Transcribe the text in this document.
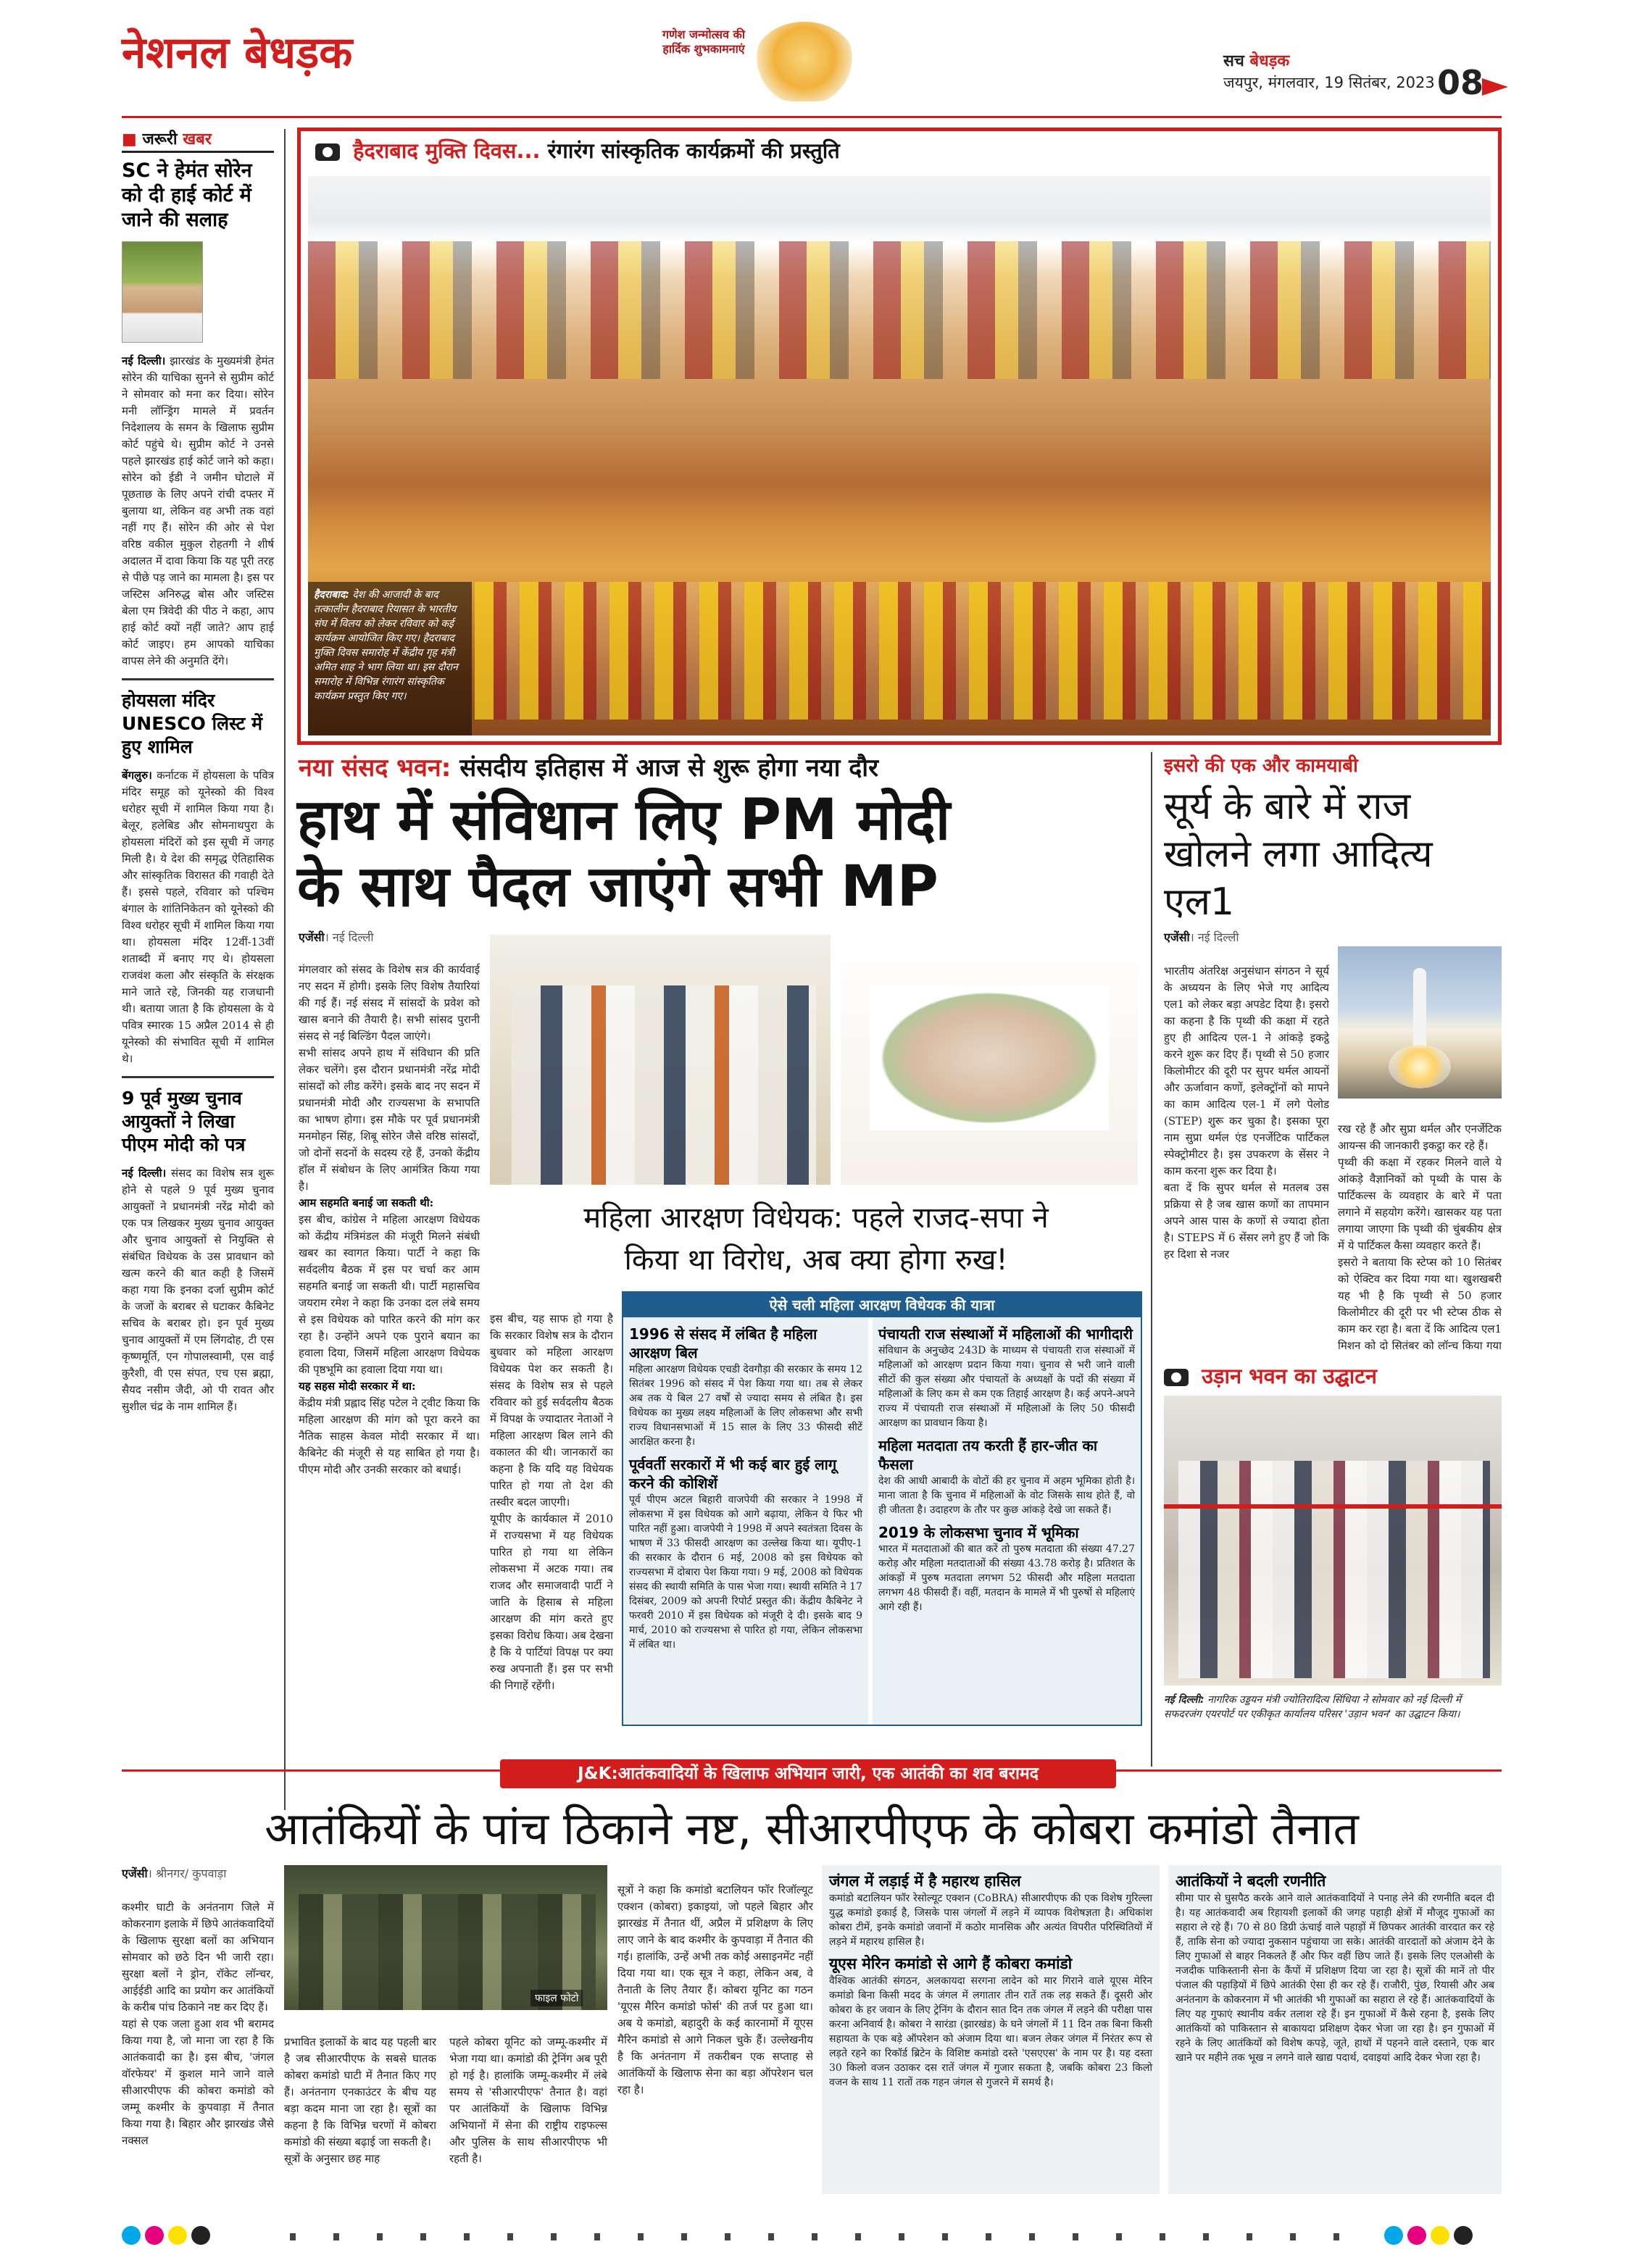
नेशनल बेधड़क	गणेश जन्मोत्सव की हार्दिक शुभकामनाएं
सच बेधड़क
जयपुर, मंगलवार, 19 सितंबर, 2023 08
■ जरूरी खबर
SC ने हेमंत सोरेन को दी हाई कोर्ट में जाने की सलाह
नई दिल्ली। झारखंड के मुख्यमंत्री हेमंत सोरेन की याचिका सुनने से सुप्रीम कोर्ट ने सोमवार को मना कर दिया। सोरेन मनी लॉन्ड्रिंग मामले में प्रवर्तन निदेशालय के समन के खिलाफ सुप्रीम कोर्ट पहुंचे थे। सुप्रीम कोर्ट ने उनसे पहले झारखंड हाई कोर्ट जाने को कहा। सोरेन को ईडी ने जमीन घोटाले में पूछताछ के लिए अपने रांची दफ्तर में बुलाया था, लेकिन वह अभी तक वहां नहीं गए हैं। सोरेन की ओर से पेश वरिष्ठ वकील मुकुल रोहतगी ने शीर्ष अदालत में दावा किया कि यह पूरी तरह से पीछे पड़ जाने का मामला है। इस पर जस्टिस अनिरुद्ध बोस और जस्टिस बेला एम त्रिवेदी की पीठ ने कहा, आप हाई कोर्ट क्यों नहीं जाते? आप हाई कोर्ट जाइए। हम आपको याचिका वापस लेने की अनुमति देंगे।
होयसला मंदिर UNESCO लिस्ट में हुए शामिल
बेंगलुरु। कर्नाटक में होयसला के पवित्र मंदिर समूह को यूनेस्को की विश्व धरोहर सूची में शामिल किया गया है। बेलूर, हलेबिड और सोमनाथपुरा के होयसला मंदिरों को इस सूची में जगह मिली है। ये देश की समृद्ध ऐतिहासिक और सांस्कृतिक विरासत की गवाही देते हैं। इससे पहले, रविवार को पश्चिम बंगाल के शांतिनिकेतन को यूनेस्को की विश्व धरोहर सूची में शामिल किया गया था। होयसला मंदिर 12वीं-13वीं शताब्दी में बनाए गए थे। होयसला राजवंश कला और संस्कृति के संरक्षक माने जाते रहे, जिनकी यह राजधानी थी। बताया जाता है कि होयसला के ये पवित्र स्मारक 15 अप्रैल 2014 से ही यूनेस्को की संभावित सूची में शामिल थे।
9 पूर्व मुख्य चुनाव आयुक्तों ने लिखा पीएम मोदी को पत्र
नई दिल्ली। संसद का विशेष सत्र शुरू होने से पहले 9 पूर्व मुख्य चुनाव आयुक्तों ने प्रधानमंत्री नरेंद्र मोदी को एक पत्र लिखकर मुख्य चुनाव आयुक्त और चुनाव आयुक्तों से नियुक्ति से संबंधित विधेयक के उस प्रावधान को खत्म करने की बात कही है जिसमें कहा गया कि इनका दर्जा सुप्रीम कोर्ट के जजों के बराबर से घटाकर कैबिनेट सचिव के बराबर हो। इन पूर्व मुख्य चुनाव आयुक्तों में एम लिंगदोह, टी एस कृष्णमूर्ति, एन गोपालस्वामी, एस वाई कुरैशी, वी एस संपत, एच एस ब्रह्मा, सैयद नसीम जैदी, ओ पी रावत और सुशील चंद्र के नाम शामिल हैं।
हैदराबाद मुक्ति दिवस... रंगारंग सांस्कृतिक कार्यक्रमों की प्रस्तुति
हैदराबाद: देश की आजादी के बाद तत्कालीन हैदराबाद रियासत के भारतीय संघ में विलय को लेकर रविवार को कई कार्यक्रम आयोजित किए गए। हैदराबाद मुक्ति दिवस समारोह में केंद्रीय गृह मंत्री अमित शाह ने भाग लिया था। इस दौरान समारोह में विभिन्न रंगारंग सांस्कृतिक कार्यक्रम प्रस्तुत किए गए।
नया संसद भवन: संसदीय इतिहास में आज से शुरू होगा नया दौर
हाथ में संविधान लिए PM मोदी
के साथ पैदल जाएंगे सभी MP
एजेंसी। नई दिल्ली

मंगलवार को संसद के विशेष सत्र की कार्यवाई नए सदन में होगी। इसके लिए विशेष तैयारियां की गई हैं। नई संसद में सांसदों के प्रवेश को खास बनाने की तैयारी है। सभी सांसद पुरानी संसद से नई बिल्डिंग पैदल जाएंगे।
सभी सांसद अपने हाथ में संविधान की प्रति लेकर चलेंगे। इस दौरान प्रधानमंत्री नरेंद्र मोदी सांसदों को लीड करेंगे। इसके बाद नए सदन में प्रधानमंत्री मोदी और राज्यसभा के सभापति का भाषण होगा। इस मौके पर पूर्व प्रधानमंत्री मनमोहन सिंह, शिबू सोरेन जैसे वरिष्ठ सांसदों, जो दोनों सदनों के सदस्य रहे हैं, उनको केंद्रीय हॉल में संबोधन के लिए आमंत्रित किया गया है।
आम सहमति बनाई जा सकती थी:
इस बीच, कांग्रेस ने महिला आरक्षण विधेयक को केंद्रीय मंत्रिमंडल की मंजूरी मिलने संबंधी खबर का स्वागत किया। पार्टी ने कहा कि सर्वदलीय बैठक में इस पर चर्चा कर आम सहमति बनाई जा सकती थी। पार्टी महासचिव जयराम रमेश ने कहा कि उनका दल लंबे समय से इस विधेयक को पारित करने की मांग कर रहा है। उन्होंने अपने एक पुराने बयान का हवाला दिया, जिसमें महिला आरक्षण विधेयक की पृष्ठभूमि का हवाला दिया गया था।
यह सहस मोदी सरकार में था:
केंद्रीय मंत्री प्रह्लाद सिंह पटेल ने ट्वीट किया कि महिला आरक्षण की मांग को पूरा करने का नैतिक साहस केवल मोदी सरकार में था। कैबिनेट की मंजूरी से यह साबित हो गया है। पीएम मोदी और उनकी सरकार को बधाई।

महिला आरक्षण विधेयक: पहले राजद-सपा ने
किया था विरोध, अब क्या होगा रुख!

इस बीच, यह साफ हो गया है कि सरकार विशेष सत्र के दौरान बुधवार को महिला आरक्षण विधेयक पेश कर सकती है। संसद के विशेष सत्र से पहले रविवार को हुई सर्वदलीय बैठक में विपक्ष के ज्यादातर नेताओं ने महिला आरक्षण बिल लाने की वकालत की थी। जानकारों का कहना है कि यदि यह विधेयक पारित हो गया तो देश की तस्वीर बदल जाएगी।
यूपीए के कार्यकाल में 2010 में राज्यसभा में यह विधेयक पारित हो गया था लेकिन लोकसभा में अटक गया। तब राजद और समाजवादी पार्टी ने जाति के हिसाब से महिला आरक्षण की मांग करते हुए इसका विरोध किया। अब देखना है कि ये पार्टियां विपक्ष पर क्या रुख अपनाती हैं। इस पर सभी की निगाहें रहेंगी।

ऐसे चली महिला आरक्षण विधेयक की यात्रा
1996 से संसद में लंबित है महिला आरक्षण बिल
महिला आरक्षण विधेयक एचडी देवगौड़ा की सरकार के समय 12 सितंबर 1996 को संसद में पेश किया गया था। तब से लेकर अब तक ये बिल 27 वर्षों से ज्यादा समय से लंबित है। इस विधेयक का मुख्य लक्ष्य महिलाओं के लिए लोकसभा और सभी राज्य विधानसभाओं में 15 साल के लिए 33 फीसदी सीटें आरक्षित करना है।
पूर्ववर्ती सरकारों में भी कई बार हुई लागू करने की कोशिशें
पूर्व पीएम अटल बिहारी वाजपेयी की सरकार ने 1998 में लोकसभा में इस विधेयक को आगे बढ़ाया, लेकिन ये फिर भी पारित नहीं हुआ। वाजपेयी ने 1998 में अपने स्वतंत्रता दिवस के भाषण में 33 फीसदी आरक्षण का उल्लेख किया था। यूपीए-1 की सरकार के दौरान 6 मई, 2008 को इस विधेयक को राज्यसभा में दोबारा पेश किया गया। 9 मई, 2008 को विधेयक संसद की स्थायी समिति के पास भेजा गया। स्थायी समिति ने 17 दिसंबर, 2009 को अपनी रिपोर्ट प्रस्तुत की। केंद्रीय कैबिनेट ने फरवरी 2010 में इस विधेयक को मंजूरी दे दी। इसके बाद 9 मार्च, 2010 को राज्यसभा से पारित हो गया, लेकिन लोकसभा में लंबित था।
पंचायती राज संस्थाओं में महिलाओं की भागीदारी
संविधान के अनुच्छेद 243D के माध्यम से पंचायती राज संस्थाओं में महिलाओं को आरक्षण प्रदान किया गया। चुनाव से भरी जाने वाली सीटों की कुल संख्या और पंचायतों के अध्यक्षों के पदों की संख्या में महिलाओं के लिए कम से कम एक तिहाई आरक्षण है। कई अपने-अपने राज्य में पंचायती राज संस्थाओं में महिलाओं के लिए 50 फीसदी आरक्षण का प्रावधान किया है।
महिला मतदाता तय करती हैं हार-जीत का फैसला
देश की आधी आबादी के वोटों की हर चुनाव में अहम भूमिका होती है। माना जाता है कि चुनाव में महिलाओं के वोट जिसके साथ होते हैं, वो ही जीतता है। उदाहरण के तौर पर कुछ आंकड़े देखे जा सकते हैं।
2019 के लोकसभा चुनाव में भूमिका
भारत में मतदाताओं की बात करें तो पुरुष मतदाता की संख्या 47.27 करोड़ और महिला मतदाताओं की संख्या 43.78 करोड़ है। प्रतिशत के आंकड़ों में पुरुष मतदाता लगभग 52 फीसदी और महिला मतदाता लगभग 48 फीसदी हैं। वहीं, मतदान के मामले में भी पुरुषों से महिलाएं आगे रही हैं।
इसरो की एक और कामयाबी
सूर्य के बारे में राज खोलने लगा आदित्य एल1
एजेंसी। नई दिल्ली

भारतीय अंतरिक्ष अनुसंधान संगठन ने सूर्य के अध्ययन के लिए भेजे गए आदित्य एल1 को लेकर बड़ा अपडेट दिया है। इसरो का कहना है कि पृथ्वी की कक्षा में रहते हुए ही आदित्य एल-1 ने आंकड़े इकट्ठे करने शुरू कर दिए हैं। पृथ्वी से 50 हजार किलोमीटर की दूरी पर सुपर थर्मल आयनों और ऊर्जावान कणों, इलेक्ट्रॉनों को मापने का काम आदित्य एल-1 में लगे पेलोड (STEP) शुरू कर चुका है। इसका पूरा नाम सुप्रा थर्मल एंड एनर्जेटिक पार्टिकल स्पेक्ट्रोमीटर है। इस उपकरण के सेंसर ने काम करना शुरू कर दिया है।
बता दें कि सुपर थर्मल से मतलब उस प्रक्रिया से है जब खास कणों का तापमान अपने आस पास के कणों से ज्यादा होता है। STEPS में 6 सेंसर लगे हुए हैं जो कि हर दिशा से नजर

रख रहे हैं और सुप्रा थर्मल और एनर्जेटिक आयन्स की जानकारी इकट्ठा कर रहे हैं।
पृथ्वी की कक्षा में रहकर मिलने वाले ये आंकड़े वैज्ञानिकों को पृथ्वी के पास के पार्टिकल्स के व्यवहार के बारे में पता लगाने में सहयोग करेंगे। खासकर यह पता लगाया जाएगा कि पृथ्वी की चुंबकीय क्षेत्र में ये पार्टिकल कैसा व्यवहार करते हैं।
इसरो ने बताया कि स्टेप्स को 10 सितंबर को ऐक्टिव कर दिया गया था। खुशखबरी यह भी है कि पृथ्वी से 50 हजार किलोमीटर की दूरी पर भी स्टेप्स ठीक से काम कर रहा है। बता दें कि आदित्य एल1 मिशन को दो सितंबर को लॉन्च किया गया

उड़ान भवन का उद्घाटन
नई दिल्ली: नागरिक उड्डयन मंत्री ज्योतिरादित्य सिंधिया ने सोमवार को नई दिल्ली में सफदरजंग एयरपोर्ट पर एकीकृत कार्यालय परिसर 'उड़ान भवन' का उद्घाटन किया।
J&K:आतंकवादियों के खिलाफ अभियान जारी, एक आतंकी का शव बरामद
आतंकियों के पांच ठिकाने नष्ट, सीआरपीएफ के कोबरा कमांडो तैनात
एजेंसी। श्रीनगर/ कुपवाड़ा

कश्मीर घाटी के अनंतनाग जिले में कोकरनाग इलाके में छिपे आतंकवादियों के खिलाफ सुरक्षा बलों का अभियान सोमवार को छठे दिन भी जारी रहा। सुरक्षा बलों ने ड्रोन, रॉकेट लॉन्चर, आईईडी आदि का प्रयोग कर आतंकियों के करीब पांच ठिकाने नष्ट कर दिए हैं।
यहां से एक जला हुआ शव भी बरामद किया गया है, जो माना जा रहा है कि आतंकवादी का है। इस बीच, 'जंगल वॉरफेयर' में कुशल माने जाने वाले सीआरपीएफ की कोबरा कमांडो को जम्मू कश्मीर के कुपवाड़ा में तैनात किया गया है। बिहार और झारखंड जैसे नक्सल

फाइल फोटो

प्रभावित इलाकों के बाद यह पहली बार है जब सीआरपीएफ के सबसे घातक कोबरा कमांडो घाटी में तैनात किए गए हैं। अनंतनाग एनकाउंटर के बीच यह बड़ा कदम माना जा रहा है। सूत्रों का कहना है कि विभिन्न चरणों में कोबरा कमांडो की संख्या बढ़ाई जा सकती है।
सूत्रों के अनुसार छह माह

पहले कोबरा यूनिट को जम्मू-कश्मीर में भेजा गया था। कमांडो की ट्रेनिंग अब पूरी हो गई है। हालांकि जम्मू-कश्मीर में लंबे समय से 'सीआरपीएफ' तैनात है। वहां पर आतंकियों के खिलाफ विभिन्न अभियानों में सेना की राष्ट्रीय राइफल्स और पुलिस के साथ सीआरपीएफ भी रहती है।

सूत्रों ने कहा कि कमांडो बटालियन फॉर रिजॉल्यूट एक्शन (कोबरा) इकाइयां, जो पहले बिहार और झारखंड में तैनात थीं, अप्रैल में प्रशिक्षण के लिए लाए जाने के बाद कश्मीर के कुपवाड़ा में तैनात की गई। हालांकि, उन्हें अभी तक कोई असाइनमेंट नहीं दिया गया था। एक सूत्र ने कहा, लेकिन अब, वे तैनाती के लिए तैयार हैं। कोबरा यूनिट का गठन 'यूएस मैरिन कमांडो फोर्स' की तर्ज पर हुआ था। अब ये कमांडो, बहादुरी के कई कारनामों में यूएस मैरिन कमांडो से आगे निकल चुके हैं। उल्लेखनीय है कि अनंतनाग में तकरीबन एक सप्ताह से आतंकियों के खिलाफ सेना का बड़ा ऑपरेशन चल रहा है।

जंगल में लड़ाई में है महारथ हासिल
कमांडो बटालियन फॉर रेसोल्यूट एक्शन (CoBRA) सीआरपीएफ की एक विशेष गुरिल्ला युद्ध कमांडो इकाई है, जिसके पास जंगलों में लड़ने में व्यापक विशेषज्ञता है। अधिकांश कोबरा टीमें, इनके कमांडो जवानों में कठोर मानसिक और अत्यंत विपरीत परिस्थितियों में लड़ने में महारथ हासिल है।
यूएस मेरिन कमांडो से आगे हैं कोबरा कमांडो
वैश्विक आतंकी संगठन, अलकायदा सरगना लादेन को मार गिराने वाले यूएस मेरिन कमांडो बिना किसी मदद के जंगल में लगातार तीन रातें तक लड़ सकते हैं। दूसरी ओर कोबरा के हर जवान के लिए ट्रेनिंग के दौरान सात दिन तक जंगल में लड़ने की परीक्षा पास करना अनिवार्य है। कोबरा ने सारंडा (झारखंड) के घने जंगलों में 11 दिन तक बिना किसी सहायता के एक बड़े ऑपरेशन को अंजाम दिया था। बजन लेकर जंगल में निरंतर रूप से लड़ते रहने का रिकॉर्ड ब्रिटेन के विशिष्ट कमांडो दस्ते 'एसएएस' के नाम पर है। यह दस्ता 30 किलो वजन उठाकर दस रातें जंगल में गुजार सकता है, जबकि कोबरा 23 किलो वजन के साथ 11 रातों तक गहन जंगल से गुजरने में समर्थ है।
आतंकियों ने बदली रणनीति
सीमा पार से घुसपैठ करके आने वाले आतंकवादियों ने पनाह लेने की रणनीति बदल दी है। यह आतंकवादी अब रिहायशी इलाकों की जगह पहाड़ी क्षेत्रों में मौजूद गुफाओं का सहारा ले रहे हैं। 70 से 80 डिग्री ऊंचाई वाले पहाड़ों में छिपकर आतंकी वारदात कर रहे हैं, ताकि सेना को ज्यादा नुकसान पहुंचाया जा सके। आतंकी वारदातों को अंजाम देने के लिए गुफाओं से बाहर निकलते हैं और फिर वहीं छिप जाते हैं। इसके लिए एलओसी के नजदीक पाकिस्तानी सेना के कैंपों में प्रशिक्षण दिया जा रहा है। सूत्रों की मानें तो पीर पंजाल की पहाड़ियों में छिपे आतंकी ऐसा ही कर रहे हैं। राजौरी, पुंछ, रियासी और अब अनंतनाग के कोकरनाग में भी आतंकी भी गुफाओं का सहारा ले रहे हैं। आतंकवादियों के लिए यह गुफाएं स्थानीय वर्कर तलाश रहे हैं। इन गुफाओं में कैसे रहना है, इसके लिए आतंकियों को पाकिस्तान से बाकायदा प्रशिक्षण देकर भेजा जा रहा है। इन गुफाओं में रहने के लिए आतंकियों को विशेष कपड़े, जूते, हाथों में पहनने वाले दस्ताने, एक बार खाने पर महीने तक भूख न लगने वाले खाद्य पदार्थ, दवाइयां आदि देकर भेजा रहा है।
